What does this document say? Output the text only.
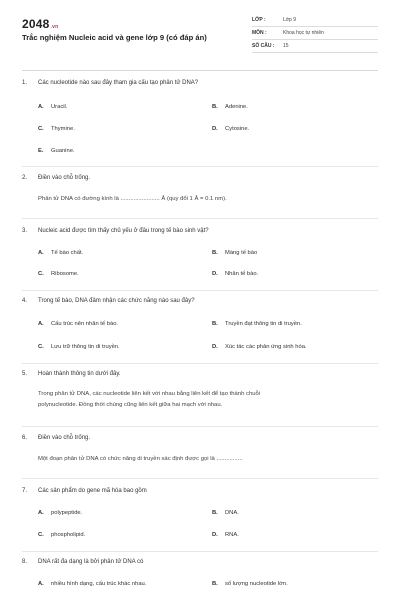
2048.vn
Trắc nghiệm Nucleic acid và gene lớp 9 (có đáp án)
LỚP :	Lớp 9
MÔN :	Khoa học tự nhiên
SỐ CÂU :	15
1. Các nucleotide nào sau đây tham gia cấu tạo phân tử DNA?
A. Uracil.	B. Adenine.
C. Thymine.	D. Cytosine.
E. Guanine.
2. Điền vào chỗ trống.
Phân tử DNA có đường kính là ........................ Å (quy đổi 1 Å = 0.1 nm).
3. Nucleic acid được tìm thấy chủ yếu ở đâu trong tế bào sinh vật?
A. Tế bào chất.	B. Màng tế bào
C. Ribosome.	D. Nhân tế bào.
4. Trong tế bào, DNA đảm nhận các chức năng nào sau đây?
A. Cấu trúc nên nhân tế bào.	B. Truyền đạt thông tin di truyền.
C. Lưu trữ thông tin di truyền.	D. Xúc tác các phản ứng sinh hóa.
5. Hoàn thành thông tin dưới đây.
Trong phân tử DNA, các nucleotide liên kết với nhau bằng liên kết để tạo thành chuỗi
polynucleotide. Đồng thời chúng cũng liên kết giữa hai mạch với nhau.
6. Điền vào chỗ trống.
Một đoạn phân tử DNA có chức năng di truyền xác định được gọi là ................
7. Các sản phẩm do gene mã hóa bao gồm
A. polypeptide.	B. DNA.
C. phospholipid.	D. RNA.
8. DNA rất đa dạng là bởi phân tử DNA có
A. nhiều hình dạng, cấu trúc khác nhau.	B. số lượng nucleotide lớn.
